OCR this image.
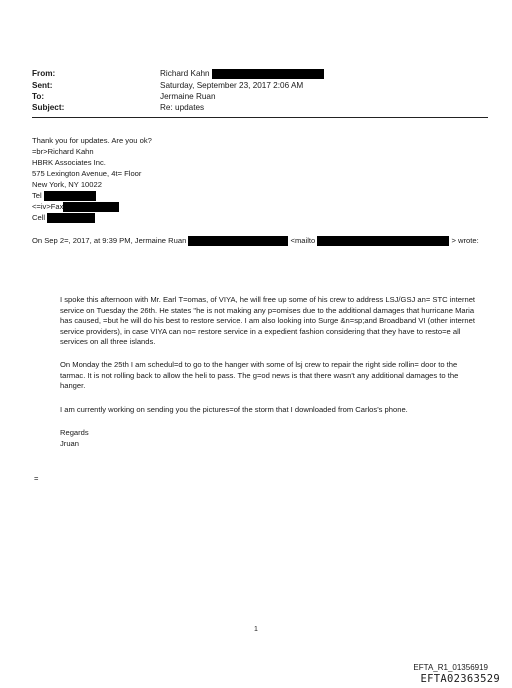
From:	Richard Kahn
Sent:	Saturday, September 23, 2017 2:06 AM
To:	Jermaine Ruan
Subject:	Re: updates
Thank you for updates. Are you ok?
=br>Richard Kahn
HBRK Associates Inc.
575 Lexington Avenue, 4t= Floor
New York, NY 10022
Tel
<=iv>Fax
Cell
On Sep 2=, 2017, at 9:39 PM, Jermaine Ruan	<mailto	> wrote:
I spoke this afternoon with Mr. Earl T=omas, of VIYA, he will free up some of his crew to address LSJ/GSJ an= STC internet service on Tuesday the 26th. He states "he is not making any p=omises due to the additional damages that hurricane Maria has caused, =but he will do his best to restore service. I am also looking into Surge &n=sp;and Broadband VI (other internet service providers), in case VIYA can no= restore service in a expedient fashion considering that they have to resto=e all services on all three islands.
On Monday the 25th I am schedul=d to go to the hanger with some of lsj crew to repair the right side rollin= door to the tarmac. It is not rolling back to allow the heli to pass. The g=od news is that there wasn't any additional damages to the hanger.
I am currently working on sending you the pictures=of the storm that I downloaded from Carlos's phone.
Regards
Jruan
=
1
EFTA_R1_01356919
EFTA02363529
